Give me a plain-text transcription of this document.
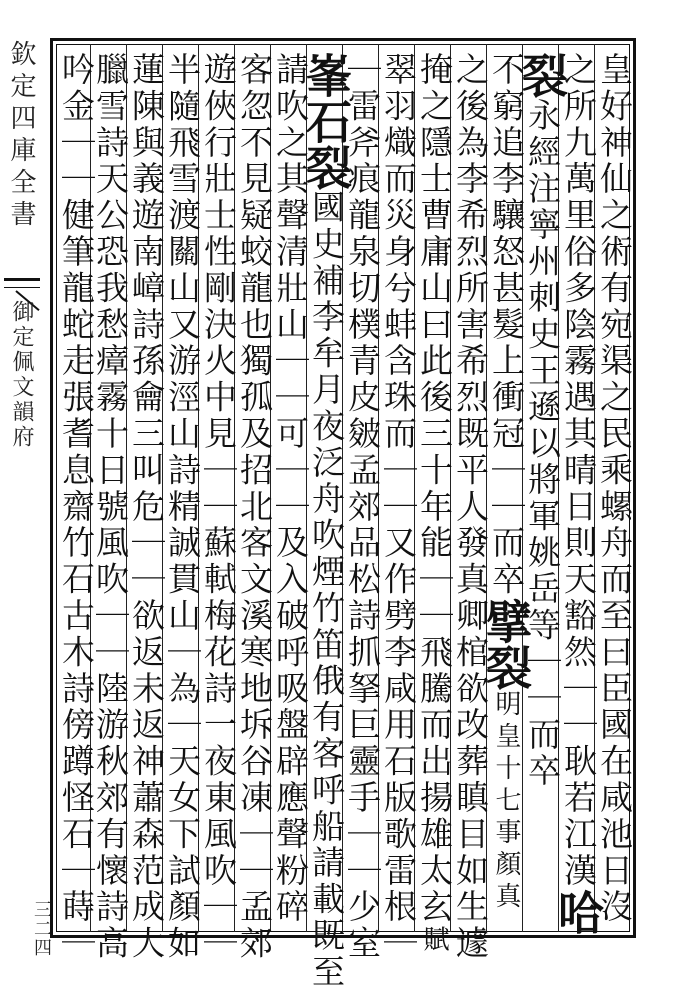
欽定四庫全書
御定佩文韻府
三二四
皇好神仙之術有宛渠之民乘螺舟而至曰臣國在咸池日沒
之所九萬里俗多陰霧遇其晴日則天豁然｜｜耿若江漢哈
裂永經注寧州刺史王遜以將軍姚岳等｜｜而卒
不窮追李驤怒甚髮上衝冠｜｜而卒擘裂明皇十七事顏真
之後為李希烈所害希烈既平人發真卿棺欲改葬瞋目如生遽
掩之隱士曹庸山曰此後三十年能｜｜飛騰而出揚雄太玄賦
翠羽熾而災身兮蚌含珠而｜｜又作劈李咸用石版歌雷根｜
｜雷斧痕龍泉切樸青皮皴孟郊品松詩抓拏巨靈手｜｜少室
峯石裂國史補李牟月夜泛舟吹煙竹笛俄有客呼船請載既至
請吹之其聲清壯山｜｜可｜｜及入破呼吸盤辟應聲粉碎
客忽不見疑蛟龍也獨孤及招北客文溪寒地坼谷凍｜｜孟郊
遊俠行壯士性剛決火中見｜｜蘇軾梅花詩一夜東風吹｜｜
半隨飛雪渡關山又游涇山詩精誠貫山｜為｜天女下試顏如
蓮陳與義遊南嶂詩孫龠三叫危｜｜欲返未返神蕭森范成大
臘雪詩天公恐我愁瘴霧十日號風吹｜｜陸游秋郊有懷詩高
吟金｜｜健筆龍蛇走張耆息齋竹石古木詩傍蹲怪石｜蒔｜
